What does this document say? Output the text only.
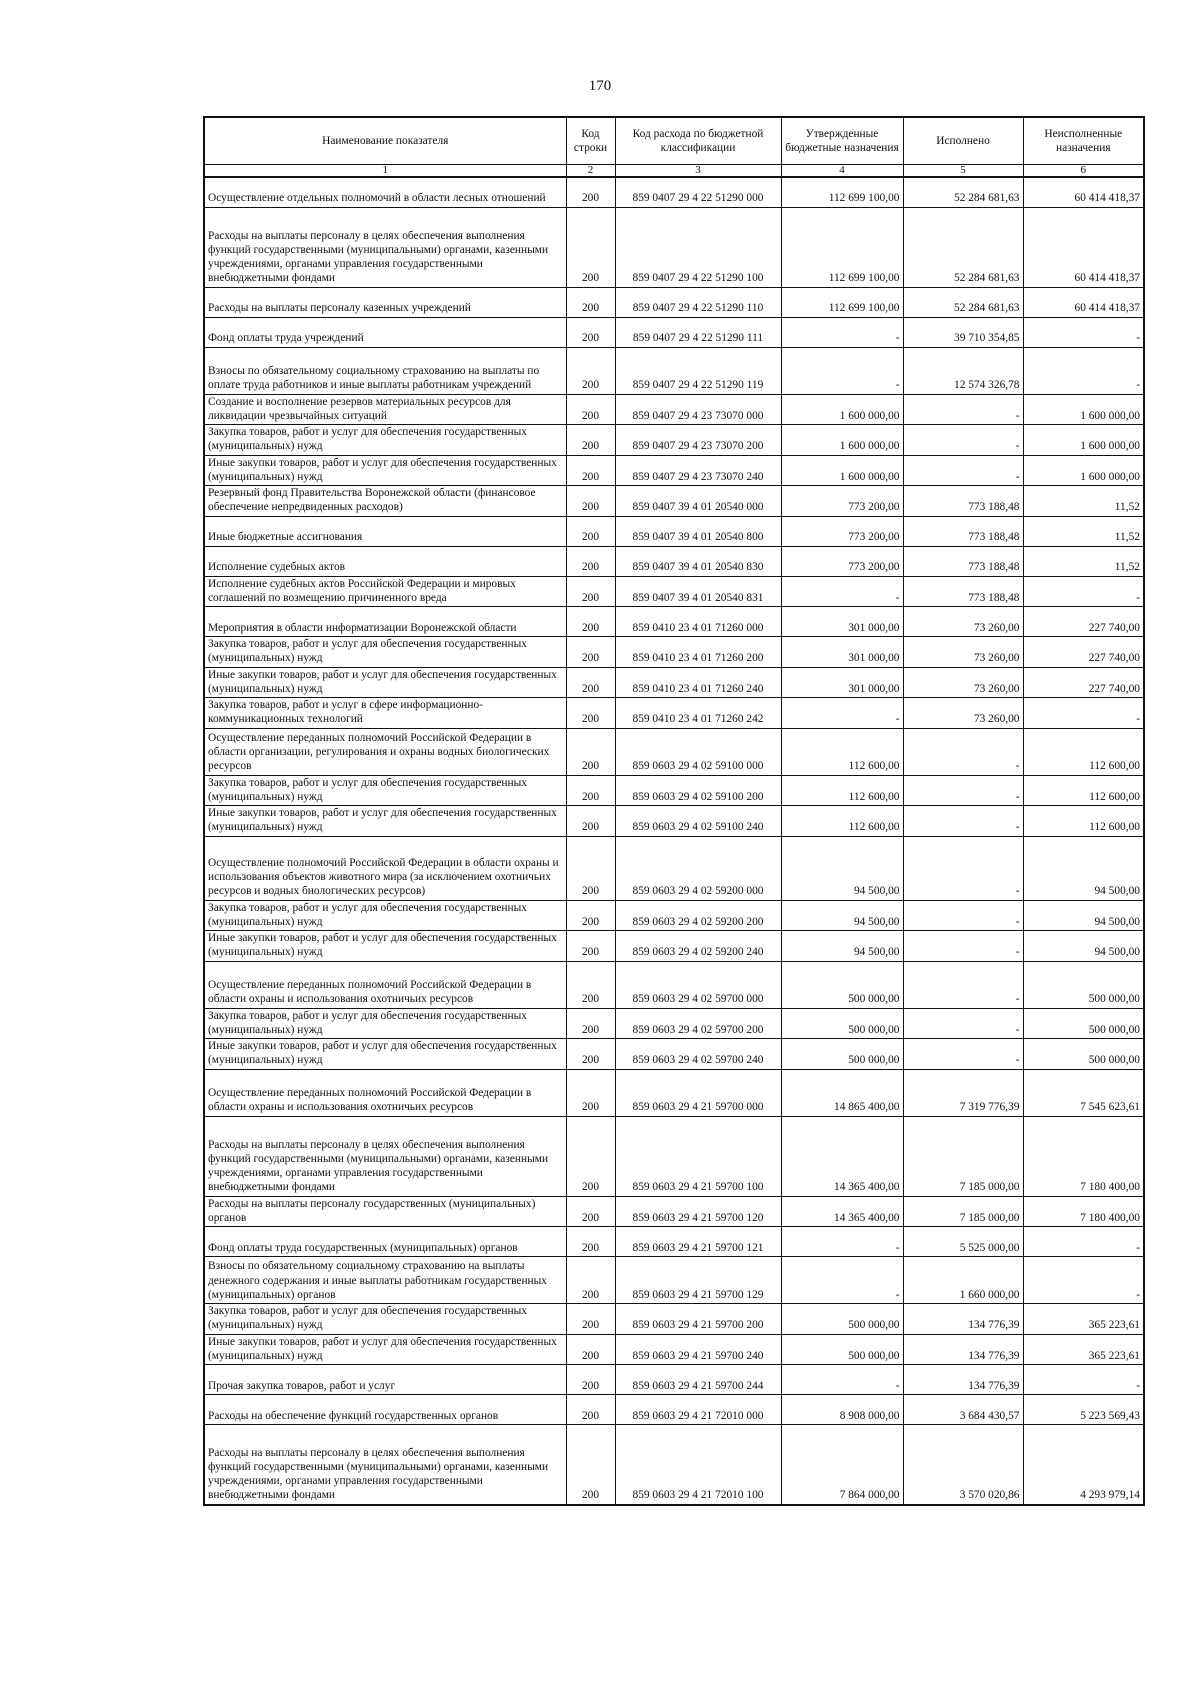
170
Наименование показателя	Код строки	Код расхода по бюджетной классификации	Утвержденные бюджетные назначения	Исполнено	Неисполненные назначения
1	2	3	4	5	6
Осуществление отдельных полномочий в области лесных отношений	200	859 0407 29 4 22 51290 000	112 699 100,00	52 284 681,63	60 414 418,37
Расходы на выплаты персоналу в целях обеспечения выполнения функций государственными (муниципальными) органами, казенными учреждениями, органами управления государственными внебюджетными фондами	200	859 0407 29 4 22 51290 100	112 699 100,00	52 284 681,63	60 414 418,37
Расходы на выплаты персоналу казенных учреждений	200	859 0407 29 4 22 51290 110	112 699 100,00	52 284 681,63	60 414 418,37
Фонд оплаты труда учреждений	200	859 0407 29 4 22 51290 111	-	39 710 354,85	-
Взносы по обязательному социальному страхованию на выплаты по оплате труда работников и иные выплаты работникам учреждений	200	859 0407 29 4 22 51290 119	-	12 574 326,78	-
Создание и восполнение резервов материальных ресурсов для ликвидации чрезвычайных ситуаций	200	859 0407 29 4 23 73070 000	1 600 000,00	-	1 600 000,00
Закупка товаров, работ и услуг для обеспечения государственных (муниципальных) нужд	200	859 0407 29 4 23 73070 200	1 600 000,00	-	1 600 000,00
Иные закупки товаров, работ и услуг для обеспечения государственных (муниципальных) нужд	200	859 0407 29 4 23 73070 240	1 600 000,00	-	1 600 000,00
Резервный фонд Правительства Воронежской области (финансовое обеспечение непредвиденных расходов)	200	859 0407 39 4 01 20540 000	773 200,00	773 188,48	11,52
Иные бюджетные ассигнования	200	859 0407 39 4 01 20540 800	773 200,00	773 188,48	11,52
Исполнение судебных актов	200	859 0407 39 4 01 20540 830	773 200,00	773 188,48	11,52
Исполнение судебных актов Российской Федерации и мировых соглашений по возмещению причиненного вреда	200	859 0407 39 4 01 20540 831	-	773 188,48	-
Мероприятия в области информатизации Воронежской области	200	859 0410 23 4 01 71260 000	301 000,00	73 260,00	227 740,00
Закупка товаров, работ и услуг для обеспечения государственных (муниципальных) нужд	200	859 0410 23 4 01 71260 200	301 000,00	73 260,00	227 740,00
Иные закупки товаров, работ и услуг для обеспечения государственных (муниципальных) нужд	200	859 0410 23 4 01 71260 240	301 000,00	73 260,00	227 740,00
Закупка товаров, работ и услуг в сфере информационно-коммуникационных технологий	200	859 0410 23 4 01 71260 242	-	73 260,00	-
Осуществление переданных полномочий Российской Федерации в области организации, регулирования и охраны водных биологических ресурсов	200	859 0603 29 4 02 59100 000	112 600,00	-	112 600,00
Закупка товаров, работ и услуг для обеспечения государственных (муниципальных) нужд	200	859 0603 29 4 02 59100 200	112 600,00	-	112 600,00
Иные закупки товаров, работ и услуг для обеспечения государственных (муниципальных) нужд	200	859 0603 29 4 02 59100 240	112 600,00	-	112 600,00
Осуществление полномочий Российской Федерации в области охраны и использования объектов животного мира (за исключением охотничьих ресурсов и водных биологических ресурсов)	200	859 0603 29 4 02 59200 000	94 500,00	-	94 500,00
Закупка товаров, работ и услуг для обеспечения государственных (муниципальных) нужд	200	859 0603 29 4 02 59200 200	94 500,00	-	94 500,00
Иные закупки товаров, работ и услуг для обеспечения государственных (муниципальных) нужд	200	859 0603 29 4 02 59200 240	94 500,00	-	94 500,00
Осуществление переданных полномочий Российской Федерации в области охраны и использования охотничьих ресурсов	200	859 0603 29 4 02 59700 000	500 000,00	-	500 000,00
Закупка товаров, работ и услуг для обеспечения государственных (муниципальных) нужд	200	859 0603 29 4 02 59700 200	500 000,00	-	500 000,00
Иные закупки товаров, работ и услуг для обеспечения государственных (муниципальных) нужд	200	859 0603 29 4 02 59700 240	500 000,00	-	500 000,00
Осуществление переданных полномочий Российской Федерации в области охраны и использования охотничьих ресурсов	200	859 0603 29 4 21 59700 000	14 865 400,00	7 319 776,39	7 545 623,61
Расходы на выплаты персоналу в целях обеспечения выполнения функций государственными (муниципальными) органами, казенными учреждениями, органами управления государственными внебюджетными фондами	200	859 0603 29 4 21 59700 100	14 365 400,00	7 185 000,00	7 180 400,00
Расходы на выплаты персоналу государственных (муниципальных) органов	200	859 0603 29 4 21 59700 120	14 365 400,00	7 185 000,00	7 180 400,00
Фонд оплаты труда государственных (муниципальных) органов	200	859 0603 29 4 21 59700 121	-	5 525 000,00	-
Взносы по обязательному социальному страхованию на выплаты денежного содержания и иные выплаты работникам государственных (муниципальных) органов	200	859 0603 29 4 21 59700 129	-	1 660 000,00	-
Закупка товаров, работ и услуг для обеспечения государственных (муниципальных) нужд	200	859 0603 29 4 21 59700 200	500 000,00	134 776,39	365 223,61
Иные закупки товаров, работ и услуг для обеспечения государственных (муниципальных) нужд	200	859 0603 29 4 21 59700 240	500 000,00	134 776,39	365 223,61
Прочая закупка товаров, работ и услуг	200	859 0603 29 4 21 59700 244	-	134 776,39	-
Расходы на обеспечение функций государственных органов	200	859 0603 29 4 21 72010 000	8 908 000,00	3 684 430,57	5 223 569,43
Расходы на выплаты персоналу в целях обеспечения выполнения функций государственными (муниципальными) органами, казенными учреждениями, органами управления государственными внебюджетными фондами	200	859 0603 29 4 21 72010 100	7 864 000,00	3 570 020,86	4 293 979,14
